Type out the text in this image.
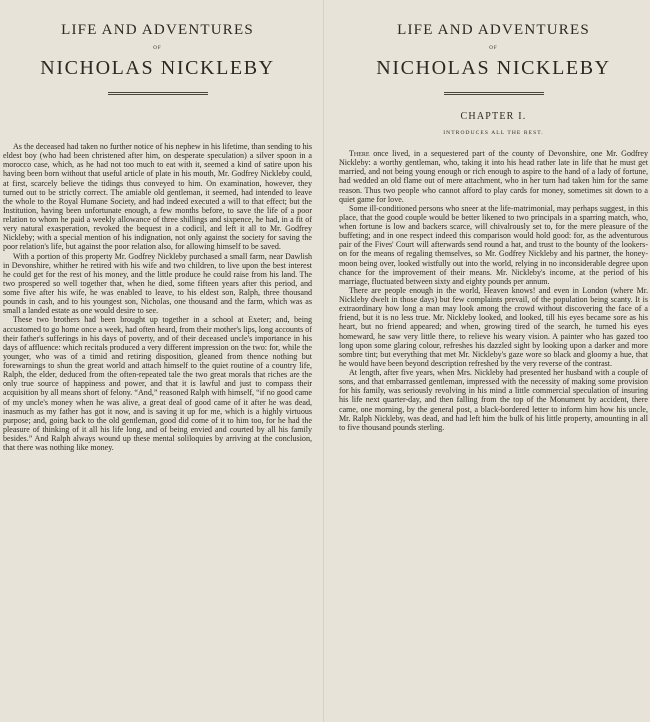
LIFE AND ADVENTURES
OF
NICHOLAS NICKLEBY

As the deceased had taken no further notice of his nephew in his lifetime, than sending to his eldest boy (who had been christened after him, on desperate speculation) a silver spoon in a morocco case, which, as he had not too much to eat with it, seemed a kind of satire upon his having been born without that useful article of plate in his mouth, Mr. Godfrey Nickleby could, at first, scarcely believe the tidings thus conveyed to him. On examination, however, they turned out to be strictly correct. The amiable old gentleman, it seemed, had intended to leave the whole to the Royal Humane Society, and had indeed executed a will to that effect; but the Institution, having been unfortunate enough, a few months before, to save the life of a poor relation to whom he paid a weekly allowance of three shillings and sixpence, he had, in a fit of very natural exasperation, revoked the bequest in a codicil, and left it all to Mr. Godfrey Nickleby; with a special mention of his indignation, not only against the society for saving the poor relation's life, but against the poor relation also, for allowing himself to be saved.

With a portion of this property Mr. Godfrey Nickleby purchased a small farm, near Dawlish in Devonshire, whither he retired with his wife and two children, to live upon the best interest he could get for the rest of his money, and the little produce he could raise from his land. The two prospered so well together that, when he died, some fifteen years after this period, and some five after his wife, he was enabled to leave, to his eldest son, Ralph, three thousand pounds in cash, and to his youngest son, Nicholas, one thousand and the farm, which was as small a landed estate as one would desire to see.

These two brothers had been brought up together in a school at Exeter; and, being accustomed to go home once a week, had often heard, from their mother's lips, long accounts of their father's sufferings in his days of poverty, and of their deceased uncle's importance in his days of affluence: which recitals produced a very different impression on the two: for, while the younger, who was of a timid and retiring disposition, gleaned from thence nothing but forewarnings to shun the great world and attach himself to the quiet routine of a country life, Ralph, the elder, deduced from the often-repeated tale the two great morals that riches are the only true source of happiness and power, and that it is lawful and just to compass their acquisition by all means short of felony. “And,” reasoned Ralph with himself, “if no good came of my uncle's money when he was alive, a great deal of good came of it after he was dead, inasmuch as my father has got it now, and is saving it up for me, which is a highly virtuous purpose; and, going back to the old gentleman, good did come of it to him too, for he had the pleasure of thinking of it all his life long, and of being envied and courted by all his family besides.” And Ralph always wound up these mental soliloquies by arriving at the conclusion, that there was nothing like money.

LIFE AND ADVENTURES
OF
NICHOLAS NICKLEBY
CHAPTER I.
INTRODUCES ALL THE REST.

There once lived, in a sequestered part of the county of Devonshire, one Mr. Godfrey Nickleby: a worthy gentleman, who, taking it into his head rather late in life that he must get married, and not being young enough or rich enough to aspire to the hand of a lady of fortune, had wedded an old flame out of mere attachment, who in her turn had taken him for the same reason. Thus two people who cannot afford to play cards for money, sometimes sit down to a quiet game for love.

Some ill-conditioned persons who sneer at the life-matrimonial, may perhaps suggest, in this place, that the good couple would be better likened to two principals in a sparring match, who, when fortune is low and backers scarce, will chivalrously set to, for the mere pleasure of the buffeting; and in one respect indeed this comparison would hold good: for, as the adventurous pair of the Fives' Court will afterwards send round a hat, and trust to the bounty of the lookers-on for the means of regaling themselves, so Mr. Godfrey Nickleby and his partner, the honey-moon being over, looked wistfully out into the world, relying in no inconsiderable degree upon chance for the improvement of their means. Mr. Nickleby's income, at the period of his marriage, fluctuated between sixty and eighty pounds per annum.

There are people enough in the world, Heaven knows! and even in London (where Mr. Nickleby dwelt in those days) but few complaints prevail, of the population being scanty. It is extraordinary how long a man may look among the crowd without discovering the face of a friend, but it is no less true. Mr. Nickleby looked, and looked, till his eyes became sore as his heart, but no friend appeared; and when, growing tired of the search, he turned his eyes homeward, he saw very little there, to relieve his weary vision. A painter who has gazed too long upon some glaring colour, refreshes his dazzled sight by looking upon a darker and more sombre tint; but everything that met Mr. Nickleby's gaze wore so black and gloomy a hue, that he would have been beyond description refreshed by the very reverse of the contrast.

At length, after five years, when Mrs. Nickleby had presented her husband with a couple of sons, and that embarrassed gentleman, impressed with the necessity of making some provision for his family, was seriously revolving in his mind a little commercial speculation of insuring his life next quarter-day, and then falling from the top of the Monument by accident, there came, one morning, by the general post, a black-bordered letter to inform him how his uncle, Mr. Ralph Nickleby, was dead, and had left him the bulk of his little property, amounting in all to five thousand pounds sterling.
